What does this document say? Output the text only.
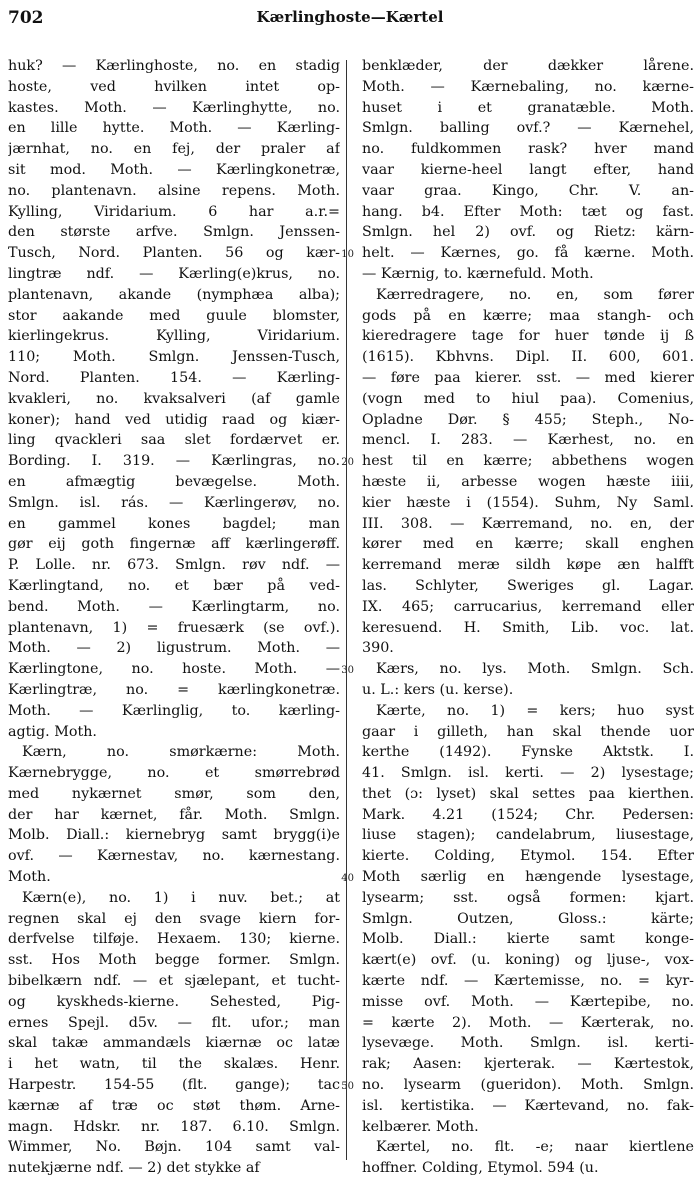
702	Kærlinghoste—Kærtel
huk? — Kærlinghoste, no. en stadig
hoste, ved hvilken intet op-
kastes. Moth. — Kærlinghytte, no.
en lille hytte. Moth. — Kærling-
jærnhat, no. en fej, der praler af
sit mod. Moth. — Kærlingkonetræ,
no. plantenavn. alsine repens. Moth.
Kylling, Viridarium. 6 har a.r.=
den største arfve. Smlgn. Jenssen-
Tusch, Nord. Planten. 56 og kær-
lingtræ ndf. — Kærling(e)krus, no.
plantenavn, akande (nymphæa alba);
stor aakande med guule blomster,
kierlingekrus. Kylling, Viridarium.
110; Moth. Smlgn. Jenssen-Tusch,
Nord. Planten. 154. — Kærling-
kvakleri, no. kvaksalveri (af gamle
koner); hand ved utidig raad og kiær-
ling qvackleri saa slet fordærvet er.
Bording. I. 319. — Kærlingras, no.
en afmægtig bevægelse. Moth.
Smlgn. isl. rás. — Kærlingerøv, no.
en gammel kones bagdel; man
gør eij goth fingernæ aff kærlingerøff.
P. Lolle. nr. 673. Smlgn. røv ndf. —
Kærlingtand, no. et bær på ved-
bend. Moth. — Kærlingtarm, no.
plantenavn, 1) = fruesærk (se ovf.).
Moth. — 2) ligustrum. Moth. —
Kærlingtone, no. hoste. Moth. —
Kærlingtræ, no. = kærlingkonetræ.
Moth. — Kærlinglig, to. kærling-
agtig. Moth.
Kærn, no. smørkærne: Moth.
Kærnebrygge, no. et smørrebrød
med nykærnet smør, som den,
der har kærnet, får. Moth. Smlgn.
Molb. Diall.: kiernebryg samt brygg(i)e
ovf. — Kærnestav, no. kærnestang.
Moth.
Kærn(e), no. 1) i nuv. bet.; at
regnen skal ej den svage kiern for-
derfvelse tilføje. Hexaem. 130; kierne.
sst. Hos Moth begge former. Smlgn.
bibelkærn ndf. — et sjælepant, et tucht-
og kyskheds-kierne. Sehested, Pig-
ernes Spejl. d5v. — flt. ufor.; man
skal takæ ammandæls kiærnæ oc latæ
i het watn, til the skalæs. Henr.
Harpestr. 154-55 (flt. gange); tac
kærnæ af træ oc støt thøm. Arne-
magn. Hdskr. nr. 187. 6.10. Smlgn.
Wimmer, No. Bøjn. 104 samt val-
nutekjærne ndf. — 2) det stykke af
benklæder, der dækker lårene.
Moth. — Kærnebaling, no. kærne-
huset i et granatæble. Moth.
Smlgn. balling ovf.? — Kærnehel,
no. fuldkommen rask? hver mand
vaar kierne-heel langt efter, hand
vaar graa. Kingo, Chr. V. an-
hang. b4. Efter Moth: tæt og fast.
Smlgn. hel 2) ovf. og Rietz: kärn-
helt. — Kærnes, go. få kærne. Moth.
— Kærnig, to. kærnefuld. Moth.
Kærredragere, no. en, som fører
gods på en kærre; maa stangh- och
kieredragere tage for huer tønde ij ß
(1615). Kbhvns. Dipl. II. 600, 601.
— føre paa kierer. sst. — med kierer
(vogn med to hiul paa). Comenius,
Opladne Dør. § 455; Steph., No-
mencl. I. 283. — Kærhest, no. en
hest til en kærre; abbethens wogen
hæste ii, arbesse wogen hæste iiii,
kier hæste i (1554). Suhm, Ny Saml.
III. 308. — Kærremand, no. en, der
kører med en kærre; skall enghen
kerremand meræ sildh køpe æn halfft
las. Schlyter, Sweriges gl. Lagar.
IX. 465; carrucarius, kerremand eller
keresuend. H. Smith, Lib. voc. lat.
390.
Kærs, no. lys. Moth. Smlgn. Sch.
u. L.: kers (u. kerse).
Kærte, no. 1) = kers; huo syst
gaar i gilleth, han skal thende uor
kerthe (1492). Fynske Aktstk. I.
41. Smlgn. isl. kerti. — 2) lysestage;
thet (ɔ: lyset) skal settes paa kierthen.
Mark. 4.21 (1524; Chr. Pedersen:
liuse stagen); candelabrum, liusestage,
kierte. Colding, Etymol. 154. Efter
Moth særlig en hængende lysestage,
lysearm; sst. også formen: kjart.
Smlgn. Outzen, Gloss.: kärte;
Molb. Diall.: kierte samt konge-
kært(e) ovf. (u. koning) og ljuse-, vox-
kærte ndf. — Kærtemisse, no. = kyr-
misse ovf. Moth. — Kærtepibe, no.
= kærte 2). Moth. — Kærterak, no.
lysevæge. Moth. Smlgn. isl. kerti-
rak; Aasen: kjerterak. — Kærtestok,
no. lysearm (gueridon). Moth. Smlgn.
isl. kertistika. — Kærtevand, no. fak-
kelbærer. Moth.
Kærtel, no. flt. -e; naar kiertlene
hoffner. Colding, Etymol. 594 (u.
10
20
30
40
50
